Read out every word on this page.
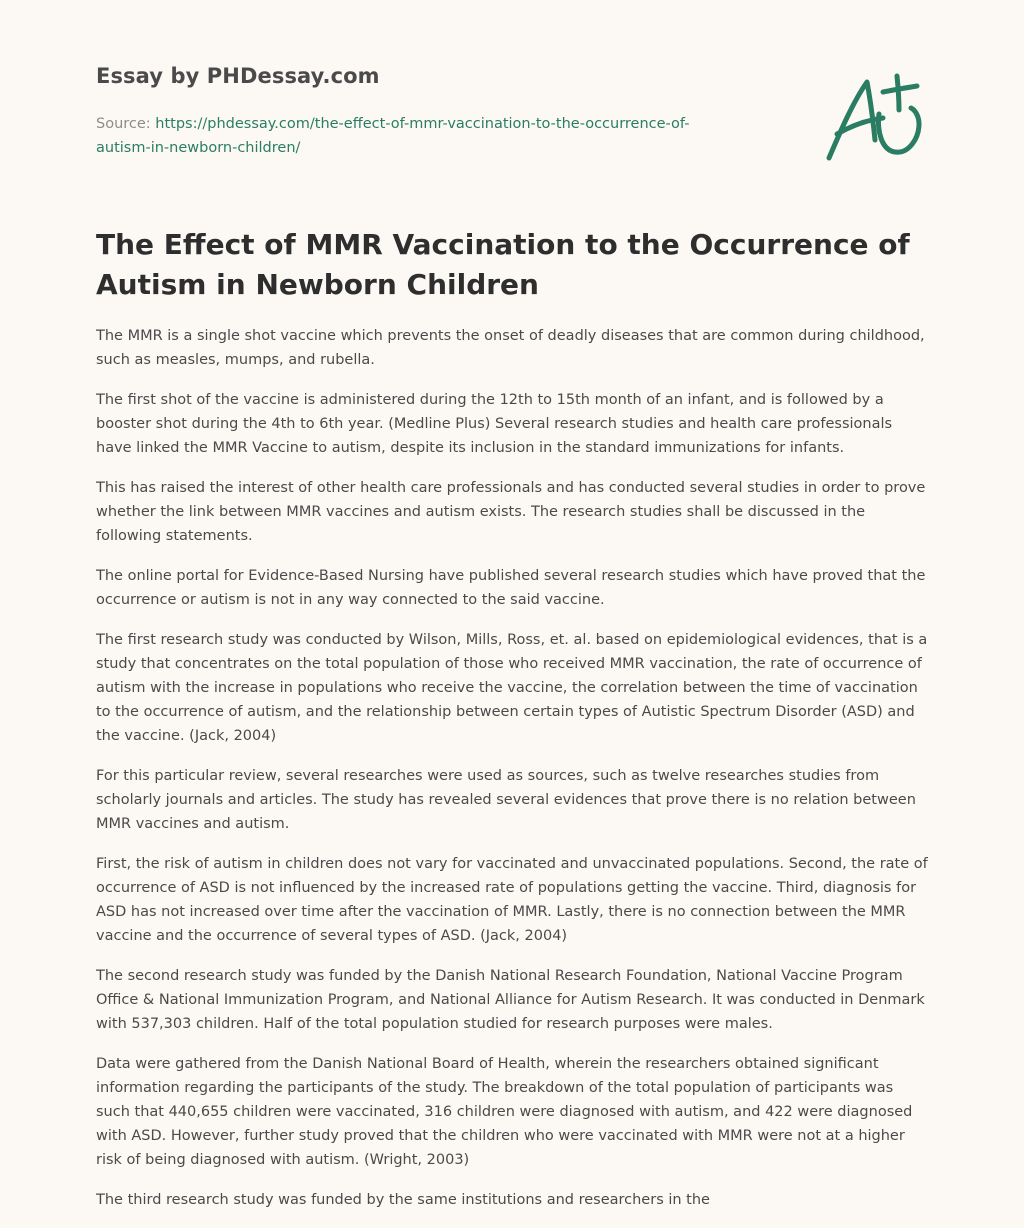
Essay by PHDessay.com
Source: https://phdessay.com/the-effect-of-mmr-vaccination-to-the-occurrence-of-autism-in-newborn-children/
The Effect of MMR Vaccination to the Occurrence of Autism in Newborn Children

The MMR is a single shot vaccine which prevents the onset of deadly diseases that are common during childhood, such as measles, mumps, and rubella.

The first shot of the vaccine is administered during the 12th to 15th month of an infant, and is followed by a booster shot during the 4th to 6th year. (Medline Plus) Several research studies and health care professionals have linked the MMR Vaccine to autism, despite its inclusion in the standard immunizations for infants.

This has raised the interest of other health care professionals and has conducted several studies in order to prove whether the link between MMR vaccines and autism exists. The research studies shall be discussed in the following statements.

The online portal for Evidence-Based Nursing have published several research studies which have proved that the occurrence or autism is not in any way connected to the said vaccine.

The first research study was conducted by Wilson, Mills, Ross, et. al. based on epidemiological evidences, that is a study that concentrates on the total population of those who received MMR vaccination, the rate of occurrence of autism with the increase in populations who receive the vaccine, the correlation between the time of vaccination to the occurrence of autism, and the relationship between certain types of Autistic Spectrum Disorder (ASD) and the vaccine. (Jack, 2004)

For this particular review, several researches were used as sources, such as twelve researches studies from scholarly journals and articles. The study has revealed several evidences that prove there is no relation between MMR vaccines and autism.

First, the risk of autism in children does not vary for vaccinated and unvaccinated populations. Second, the rate of occurrence of ASD is not influenced by the increased rate of populations getting the vaccine. Third, diagnosis for ASD has not increased over time after the vaccination of MMR. Lastly, there is no connection between the MMR vaccine and the occurrence of several types of ASD. (Jack, 2004)

The second research study was funded by the Danish National Research Foundation, National Vaccine Program Office & National Immunization Program, and National Alliance for Autism Research. It was conducted in Denmark with 537,303 children. Half of the total population studied for research purposes were males.

Data were gathered from the Danish National Board of Health, wherein the researchers obtained significant information regarding the participants of the study. The breakdown of the total population of participants was such that 440,655 children were vaccinated, 316 children were diagnosed with autism, and 422 were diagnosed with ASD. However, further study proved that the children who were vaccinated with MMR were not at a higher risk of being diagnosed with autism. (Wright, 2003)

The third research study was funded by the same institutions and researchers in the
